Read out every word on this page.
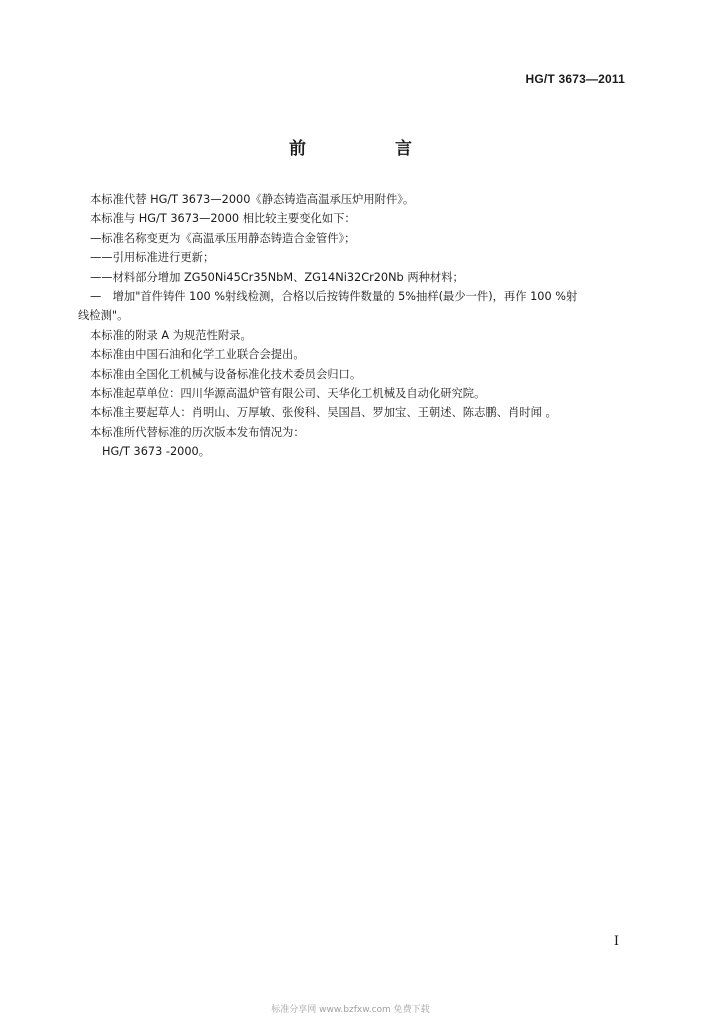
HG/T 3673—2011
前　言
本标准代替 HG/T 3673—2000《静态铸造高温承压炉用附件》。
本标准与 HG/T 3673—2000 相比较主要变化如下：
—标准名称变更为《高温承压用静态铸造合金管件》；
——引用标准进行更新；
——材料部分增加 ZG50Ni45Cr35NbM、ZG14Ni32Cr20Nb 两种材料；
—　增加"首件铸件 100 %射线检测，合格以后按铸件数量的 5%抽样(最少一件)，再作 100 %射
线检测"。
本标准的附录 A 为规范性附录。
本标准由中国石油和化学工业联合会提出。
本标准由全国化工机械与设备标准化技术委员会归口。
本标准起草单位：四川华源高温炉管有限公司、天华化工机械及自动化研究院。
本标准主要起草人：肖明山、万厚敏、张俊科、吴国昌、罗加宝、王朝述、陈志鹏、肖时闻 。
本标准所代替标准的历次版本发布情况为：
HG/T 3673 -2000。
I
标准分享网 www.bzfxw.com 免费下载
